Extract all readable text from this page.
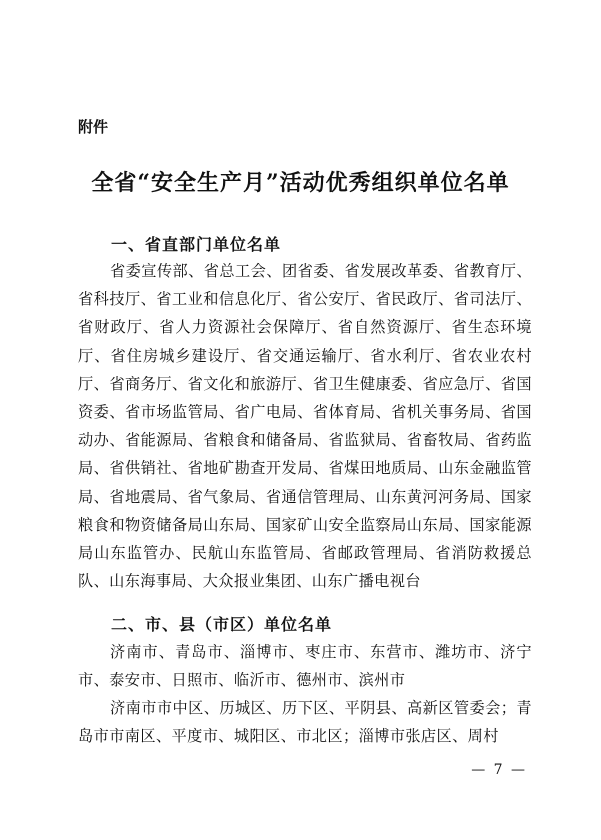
附件
全省“安全生产月”活动优秀组织单位名单
一、省直部门单位名单

省委宣传部、省总工会、团省委、省发展改革委、省教育厅、省科技厅、省工业和信息化厅、省公安厅、省民政厅、省司法厅、省财政厅、省人力资源社会保障厅、省自然资源厅、省生态环境厅、省住房城乡建设厅、省交通运输厅、省水利厅、省农业农村厅、省商务厅、省文化和旅游厅、省卫生健康委、省应急厅、省国资委、省市场监管局、省广电局、省体育局、省机关事务局、省国动办、省能源局、省粮食和储备局、省监狱局、省畜牧局、省药监局、省供销社、省地矿勘查开发局、省煤田地质局、山东金融监管局、省地震局、省气象局、省通信管理局、山东黄河河务局、国家粮食和物资储备局山东局、国家矿山安全监察局山东局、国家能源局山东监管办、民航山东监管局、省邮政管理局、省消防救援总队、山东海事局、大众报业集团、山东广播电视台

二、市、县（市区）单位名单

济南市、青岛市、淄博市、枣庄市、东营市、潍坊市、济宁市、泰安市、日照市、临沂市、德州市、滨州市

济南市市中区、历城区、历下区、平阴县、高新区管委会；青岛市市南区、平度市、城阳区、市北区；淄博市张店区、周村

— 7 —
